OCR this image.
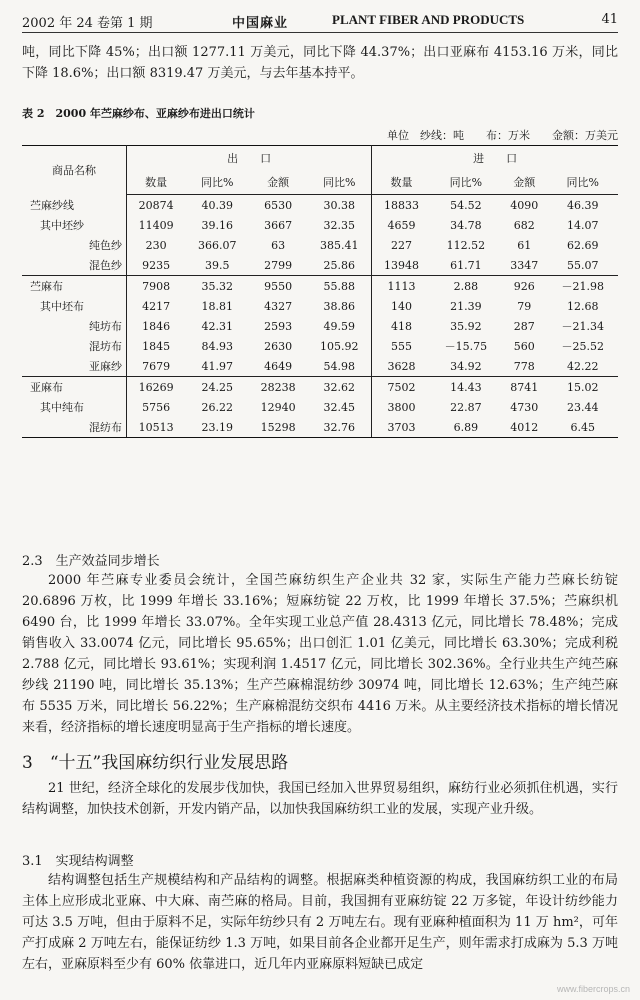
2002 年 24 卷第 1 期	中国麻业	PLANT FIBER AND PRODUCTS	41

吨，同比下降 45%；出口额 1277.11 万美元，同比下降 44.37%；出口亚麻布 4153.16 万米，同比下降 18.6%；出口额 8319.47 万美元，与去年基本持平。

表 2　2000 年苎麻纱布、亚麻纱布进出口统计
单位　纱线：吨　　布：万米　　金额：万美元
商品名称	出　　口				进　　口			
	数量	同比%	金额	同比%	数量	同比%	金额	同比%
苎麻纱线	20874	40.39	6530	30.38	18833	54.52	4090	46.39
其中坯纱	11409	39.16	3667	32.35	4659	34.78	682	14.07
纯色纱	230	366.07	63	385.41	227	112.52	61	62.69
混色纱	9235	39.5	2799	25.86	13948	61.71	3347	55.07
苎麻布	7908	35.32	9550	55.88	1113	2.88	926	－21.98
其中坯布	4217	18.81	4327	38.86	140	21.39	79	12.68
纯坊布	1846	42.31	2593	49.59	418	35.92	287	－21.34
混坊布	1845	84.93	2630	105.92	555	－15.75	560	－25.52
亚麻纱	7679	41.97	4649	54.98	3628	34.92	778	42.22
亚麻布	16269	24.25	28238	32.62	7502	14.43	8741	15.02
其中纯布	5756	26.22	12940	32.45	3800	22.87	4730	23.44
混纺布	10513	23.19	15298	32.76	3703	6.89	4012	6.45
2.3　生产效益同步增长

2000 年苎麻专业委员会统计，全国苎麻纺织生产企业共 32 家，实际生产能力苎麻长纺锭 20.6896 万枚，比 1999 年增长 33.16%；短麻纺锭 22 万枚，比 1999 年增长 37.5%；苎麻织机 6490 台，比 1999 年增长 33.07%。全年实现工业总产值 28.4313 亿元，同比增长 78.48%；完成销售收入 33.0074 亿元，同比增长 95.65%；出口创汇 1.01 亿美元，同比增长 63.30%；完成利税 2.788 亿元，同比增长 93.61%；实现利润 1.4517 亿元，同比增长 302.36%。全行业共生产纯苎麻纱线 21190 吨，同比增长 35.13%；生产苎麻棉混纺纱 30974 吨，同比增长 12.63%；生产纯苎麻布 5535 万米，同比增长 56.22%；生产麻棉混纺交织布 4416 万米。从主要经济技术指标的增长情况来看，经济指标的增长速度明显高于生产指标的增长速度。

3　“十五”我国麻纺织行业发展思路

21 世纪，经济全球化的发展步伐加快，我国已经加入世界贸易组织，麻纺行业必须抓住机遇，实行结构调整，加快技术创新，开发内销产品，以加快我国麻纺织工业的发展，实现产业升级。

3.1　实现结构调整

结构调整包括生产规模结构和产品结构的调整。根据麻类种植资源的构成，我国麻纺织工业的布局主体上应形成北亚麻、中大麻、南苎麻的格局。目前，我国拥有亚麻纺锭 22 万多锭，年设计纺纱能力可达 3.5 万吨，但由于原料不足，实际年纺纱只有 2 万吨左右。现有亚麻种植面积为 11 万 hm²，可年产打成麻 2 万吨左右，能保证纺纱 1.3 万吨，如果目前各企业都开足生产，则年需求打成麻为 5.3 万吨左右，亚麻原料至少有 60% 依靠进口，近几年内亚麻原料短缺已成定

www.fibercrops.cn
